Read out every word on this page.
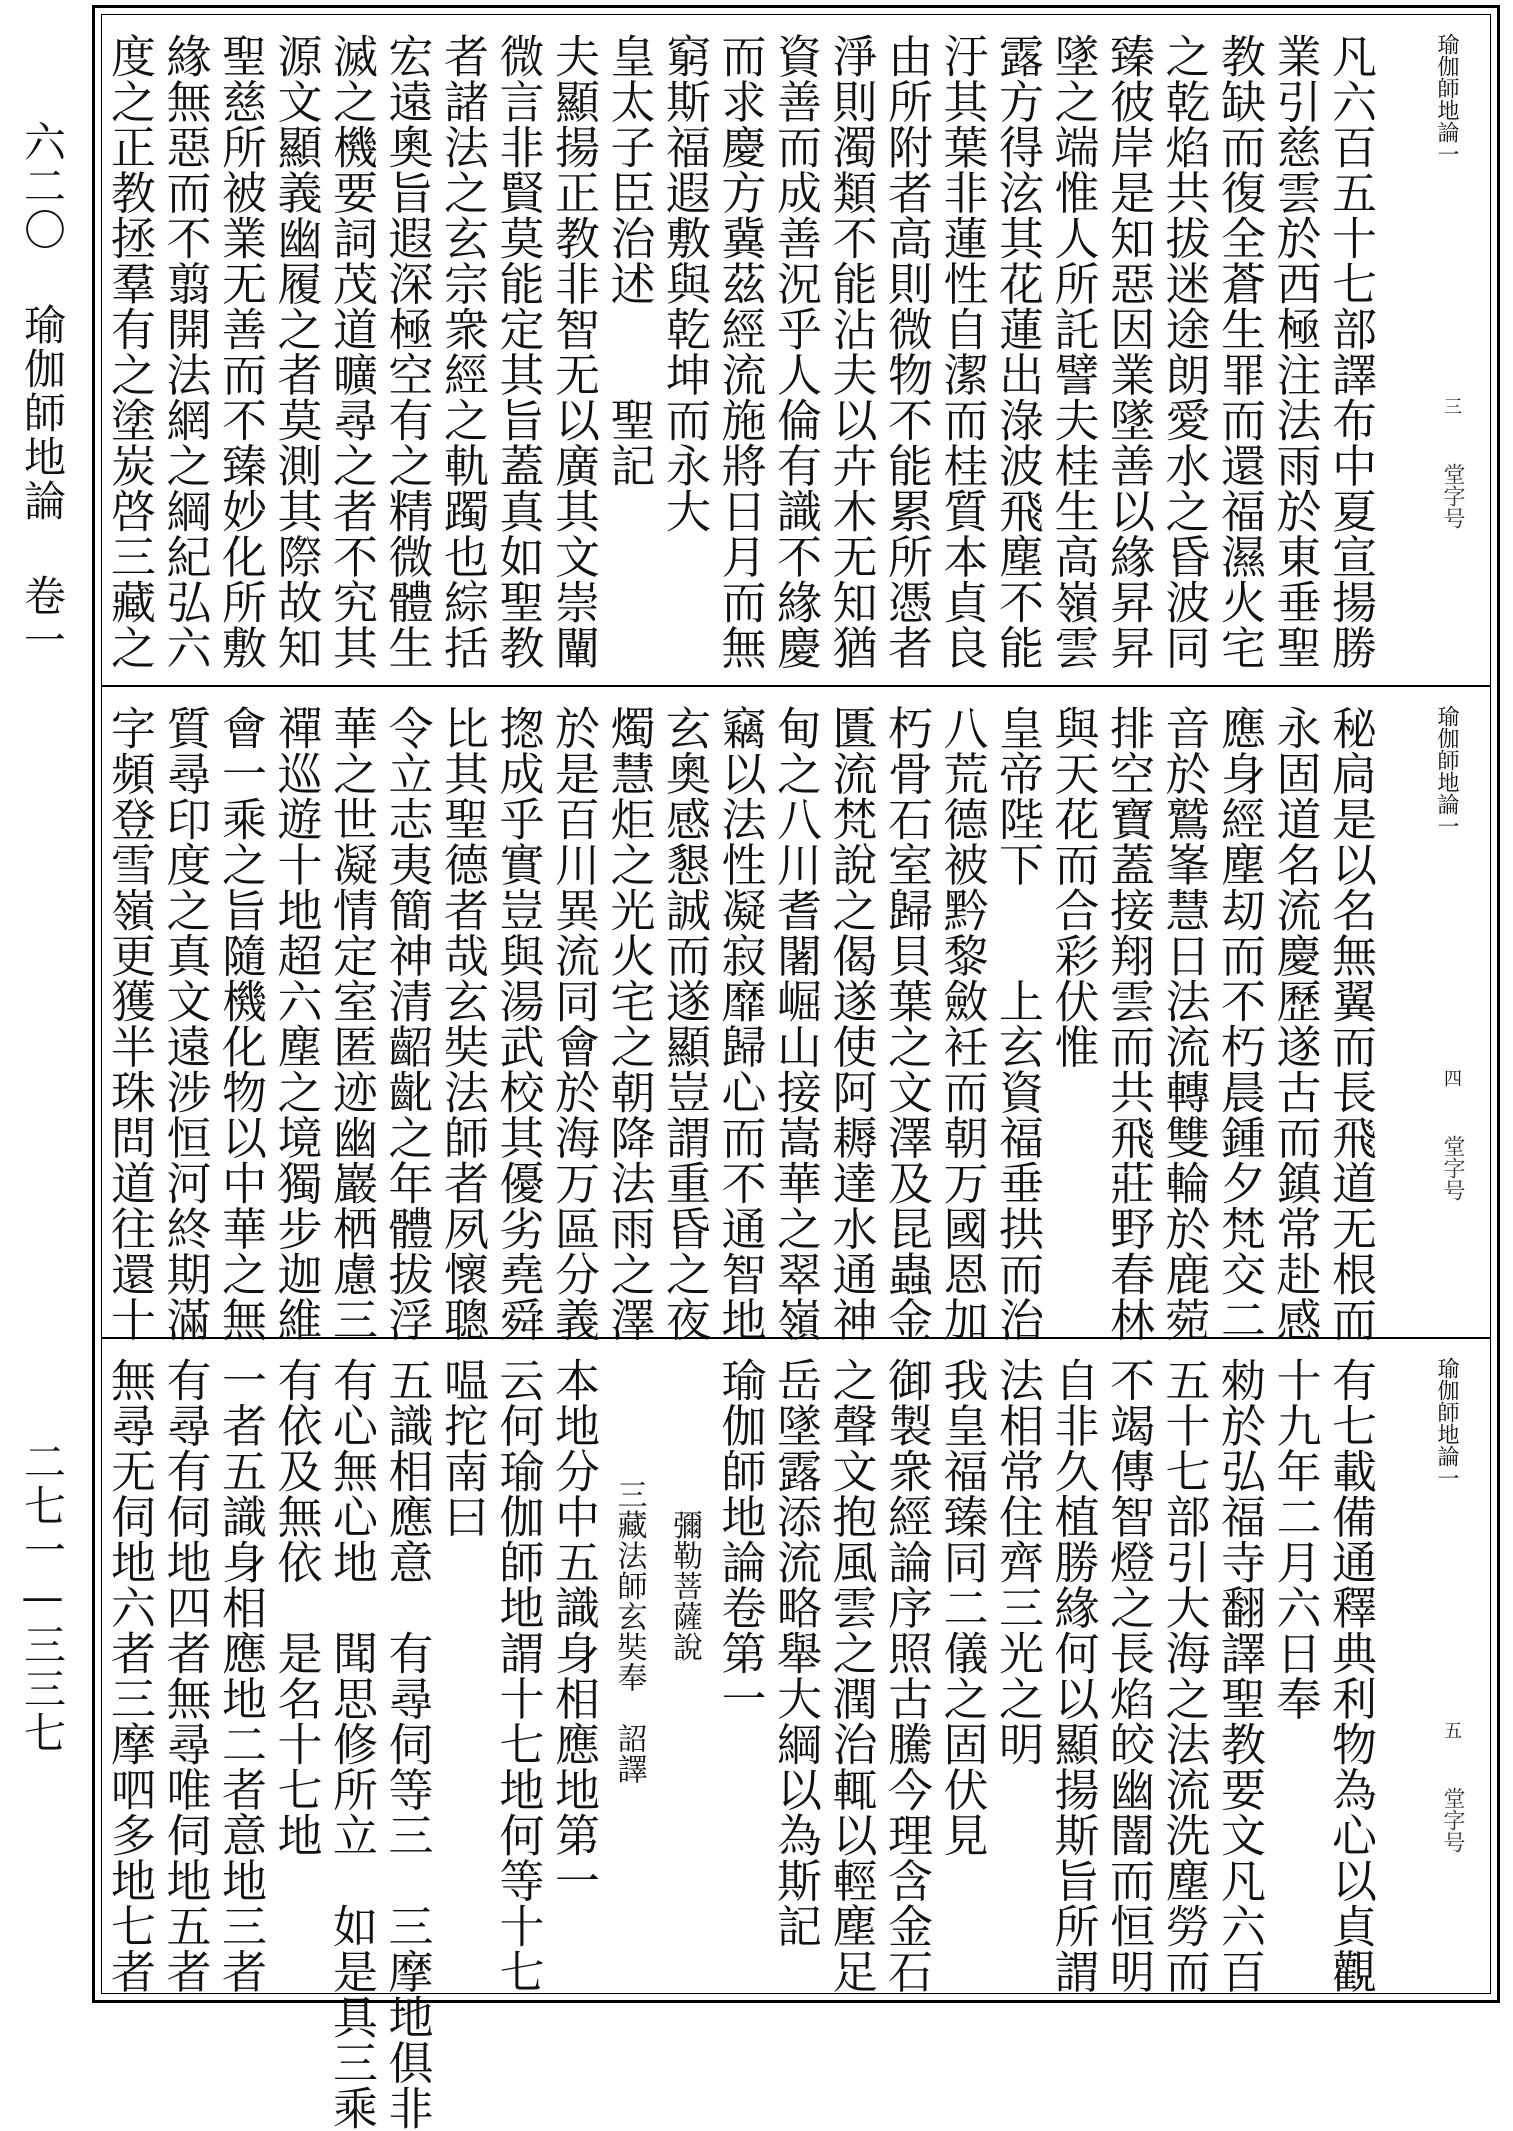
六二〇 瑜伽師地論 卷一
二七一—三三七
瑜伽師地論一
三
堂字号
凡六百五十七部譯布中夏宣揚勝
業引慈雲於西極注法雨於東垂聖
教缺而復全蒼生罪而還福濕火宅
之乾焰共拔迷途朗愛水之昏波同
臻彼岸是知惡因業墜善以緣昇昇
墜之端惟人所託譬夫桂生高嶺雲
露方得泫其花蓮出淥波飛塵不能
汙其葉非蓮性自潔而桂質本貞良
由所附者高則微物不能累所憑者
淨則濁類不能沾夫以卉木无知猶
資善而成善況乎人倫有識不緣慶
而求慶方冀茲經流施將日月而無
窮斯福遐敷與乾坤而永大
皇太子臣治述　　聖記
夫顯揚正教非智无以廣其文崇闡
微言非賢莫能定其旨蓋真如聖教
者諸法之玄宗衆經之軌躅也綜括
宏遠奧旨遐深極空有之精微體生
滅之機要詞茂道曠尋之者不究其
源文顯義幽履之者莫測其際故知
聖慈所被業无善而不臻妙化所敷
緣無惡而不翦開法網之綱紀弘六
度之正教拯羣有之塗炭啓三藏之
瑜伽師地論一
四
堂字号
秘扃是以名無翼而長飛道无根而
永固道名流慶歷遂古而鎮常赴感
應身經塵刧而不朽晨鍾夕梵交二
音於鷲峯慧日法流轉雙輪於鹿菀
排空寶蓋接翔雲而共飛莊野春林
與天花而合彩伏惟
皇帝陛下　　上玄資福垂拱而治
八荒德被黔黎斂衽而朝万國恩加
朽骨石室歸貝葉之文澤及昆蟲金
匱流梵說之偈遂使阿耨達水通神
甸之八川耆闍崛山接嵩華之翠嶺
竊以法性凝寂靡歸心而不通智地
玄奧感懇誠而遂顯豈謂重昏之夜
燭慧炬之光火宅之朝降法雨之澤
於是百川異流同會於海万區分義
揔成乎實豈與湯武校其優劣堯舜
比其聖德者哉玄奘法師者夙懷聰
令立志夷簡神清齠齔之年體拔浮
華之世凝情定室匿迹幽巖栖慮三
禪巡遊十地超六塵之境獨步迦維
會一乘之旨隨機化物以中華之無
質尋印度之真文遠涉恒河終期滿
字頻登雪嶺更獲半珠問道往還十
瑜伽師地論一
五
堂字号
有七載備通釋典利物為心以貞觀
十九年二月六日奉
勑於弘福寺翻譯聖教要文凡六百
五十七部引大海之法流洗塵勞而
不竭傳智燈之長焰皎幽闇而恒明
自非久植勝緣何以顯揚斯旨所謂
法相常住齊三光之明
我皇福臻同二儀之固伏見
御製衆經論序照古騰今理含金石
之聲文抱風雲之潤治輒以輕塵足
岳墜露添流略舉大綱以為斯記
瑜伽師地論卷第一
　　　　　彌勒菩薩說
　　　　三藏法師玄奘奉　詔譯
本地分中五識身相應地第一
云何瑜伽師地謂十七地何等十七
嗢拕南曰
五識相應意　有尋伺等三　三摩地俱非
有心無心地　聞思修所立　如是具三乘
有依及無依　是名十七地
一者五識身相應地二者意地三者
有尋有伺地四者無尋唯伺地五者
無尋无伺地六者三摩呬多地七者
